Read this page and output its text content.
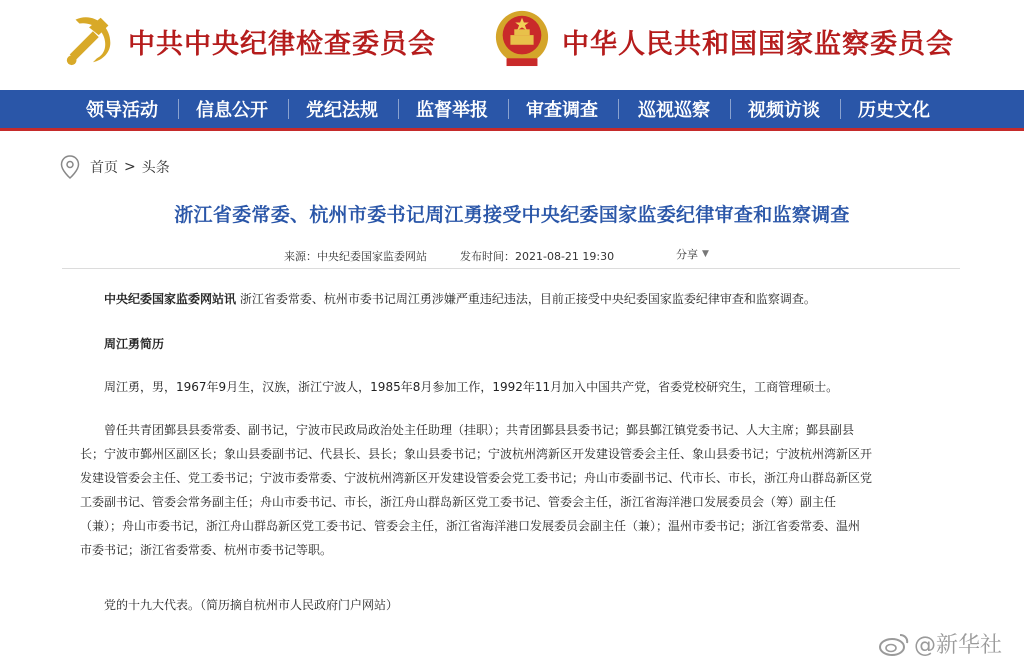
中共中央纪律检查委员会	中华人民共和国国家监察委员会
领导活动 信息公开 党纪法规 监督举报 审查调查 巡视巡察 视频访谈 历史文化
首页 > 头条
浙江省委常委、杭州市委书记周江勇接受中央纪委国家监委纪律审查和监察调查
来源：中央纪委国家监委网站	发布时间：2021-08-21 19:30	分享 ▼
中央纪委国家监委网站讯 浙江省委常委、杭州市委书记周江勇涉嫌严重违纪违法，目前正接受中央纪委国家监委纪律审查和监察调查。
周江勇简历
周江勇，男，1967年9月生，汉族，浙江宁波人，1985年8月参加工作，1992年11月加入中国共产党，省委党校研究生，工商管理硕士。
曾任共青团鄞县县委常委、副书记，宁波市民政局政治处主任助理（挂职）；共青团鄞县县委书记；鄞县鄞江镇党委书记、人大主席；鄞县副县
长；宁波市鄞州区副区长；象山县委副书记、代县长、县长；象山县委书记；宁波杭州湾新区开发建设管委会主任、象山县委书记；宁波杭州湾新区开
发建设管委会主任、党工委书记；宁波市委常委、宁波杭州湾新区开发建设管委会党工委书记；舟山市委副书记、代市长、市长，浙江舟山群岛新区党
工委副书记、管委会常务副主任；舟山市委书记、市长，浙江舟山群岛新区党工委书记、管委会主任，浙江省海洋港口发展委员会（筹）副主任
（兼）；舟山市委书记，浙江舟山群岛新区党工委书记、管委会主任，浙江省海洋港口发展委员会副主任（兼）；温州市委书记；浙江省委常委、温州
市委书记；浙江省委常委、杭州市委书记等职。
党的十九大代表。（简历摘自杭州市人民政府门户网站）
@新华社
